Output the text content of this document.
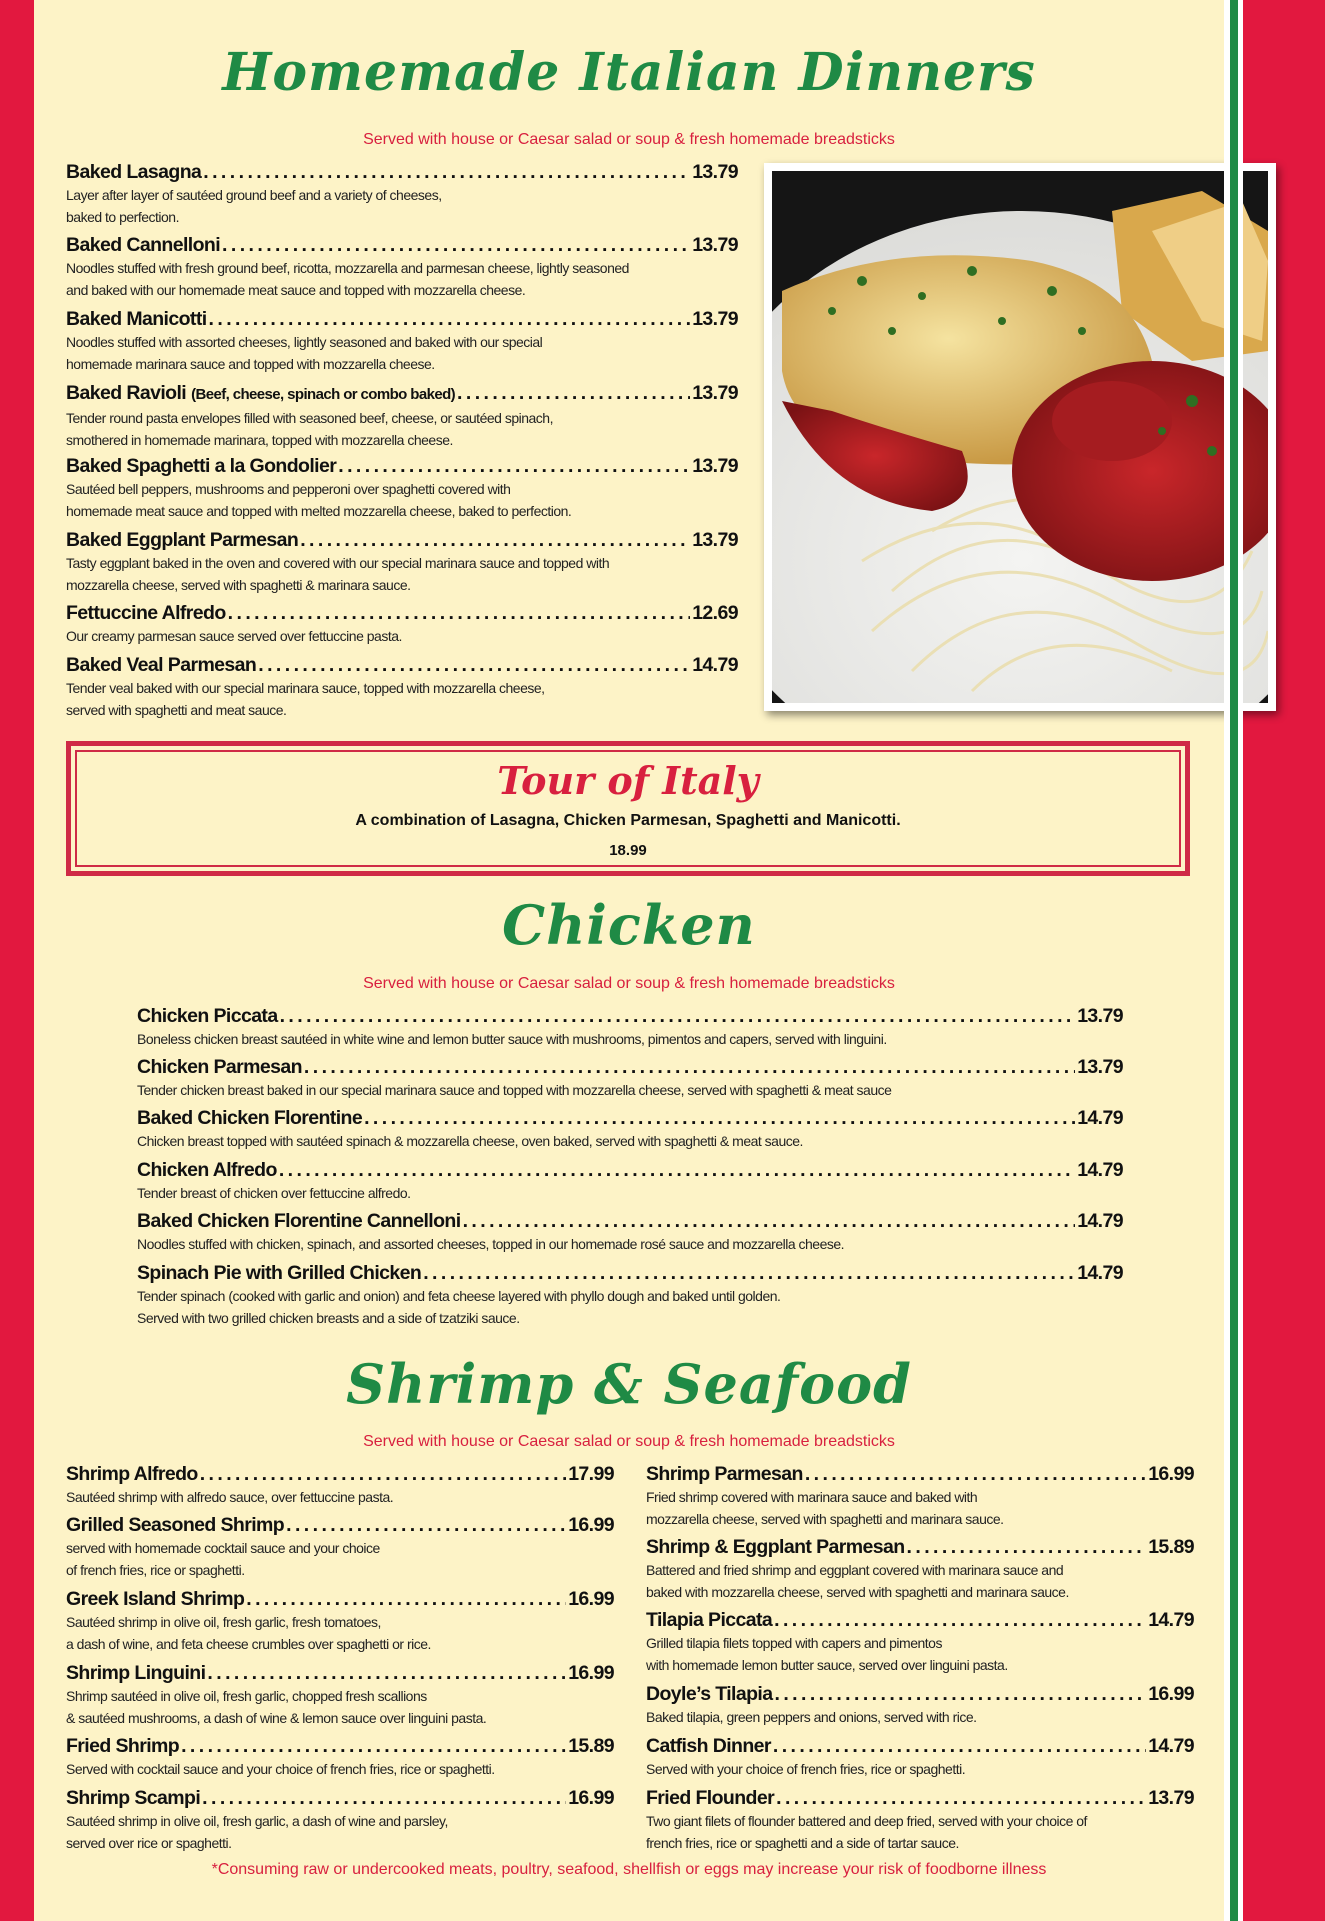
Homemade Italian Dinners

Served with house or Caesar salad or soup & fresh homemade breadsticks

Baked Lasagna . . .	13.79
Layer after layer of sautéed ground beef and a variety of cheeses,
baked to perfection.
Baked Cannelloni . . .	13.79
Noodles stuffed with fresh ground beef, ricotta, mozzarella and parmesan cheese, lightly seasoned
and baked with our homemade meat sauce and topped with mozzarella cheese.
Baked Manicotti . . .	13.79
Noodles stuffed with assorted cheeses, lightly seasoned and baked with our special
homemade marinara sauce and topped with mozzarella cheese.
Baked Ravioli (Beef, cheese, spinach or combo baked) . . .	13.79
Tender round pasta envelopes filled with seasoned beef, cheese, or sautéed spinach,
smothered in homemade marinara, topped with mozzarella cheese.
Baked Spaghetti a la Gondolier . . .	13.79
Sautéed bell peppers, mushrooms and pepperoni over spaghetti covered with
homemade meat sauce and topped with melted mozzarella cheese, baked to perfection.
Baked Eggplant Parmesan . . .	13.79
Tasty eggplant baked in the oven and covered with our special marinara sauce and topped with
mozzarella cheese, served with spaghetti & marinara sauce.
Fettuccine Alfredo . . .	12.69
Our creamy parmesan sauce served over fettuccine pasta.
Baked Veal Parmesan . . .	14.79
Tender veal baked with our special marinara sauce, topped with mozzarella cheese,
served with spaghetti and meat sauce.
Tour of Italy
A combination of Lasagna, Chicken Parmesan, Spaghetti and Manicotti.
18.99
Chicken

Served with house or Caesar salad or soup & fresh homemade breadsticks

Chicken Piccata . . .	13.79
Boneless chicken breast sautéed in white wine and lemon butter sauce with mushrooms, pimentos and capers, served with linguini.
Chicken Parmesan . . .	13.79
Tender chicken breast baked in our special marinara sauce and topped with mozzarella cheese, served with spaghetti & meat sauce
Baked Chicken Florentine . . .	14.79
Chicken breast topped with sautéed spinach & mozzarella cheese, oven baked, served with spaghetti & meat sauce.
Chicken Alfredo . . .	14.79
Tender breast of chicken over fettuccine alfredo.
Baked Chicken Florentine Cannelloni . . .	14.79
Noodles stuffed with chicken, spinach, and assorted cheeses, topped in our homemade rosé sauce and mozzarella cheese.
Spinach Pie with Grilled Chicken . . .	14.79
Tender spinach (cooked with garlic and onion) and feta cheese layered with phyllo dough and baked until golden.
Served with two grilled chicken breasts and a side of tzatziki sauce.
Shrimp & Seafood

Served with house or Caesar salad or soup & fresh homemade breadsticks

Shrimp Alfredo . . .	17.99
Sautéed shrimp with alfredo sauce, over fettuccine pasta.
Grilled Seasoned Shrimp . . .	16.99
served with homemade cocktail sauce and your choice
of french fries, rice or spaghetti.
Greek Island Shrimp . . .	16.99
Sautéed shrimp in olive oil, fresh garlic, fresh tomatoes,
a dash of wine, and feta cheese crumbles over spaghetti or rice.
Shrimp Linguini . . .	16.99
Shrimp sautéed in olive oil, fresh garlic, chopped fresh scallions
& sautéed mushrooms, a dash of wine & lemon sauce over linguini pasta.
Fried Shrimp . . .	15.89
Served with cocktail sauce and your choice of french fries, rice or spaghetti.
Shrimp Scampi . . .	16.99
Sautéed shrimp in olive oil, fresh garlic, a dash of wine and parsley,
served over rice or spaghetti.
Shrimp Parmesan . . .	16.99
Fried shrimp covered with marinara sauce and baked with
mozzarella cheese, served with spaghetti and marinara sauce.
Shrimp & Eggplant Parmesan . . .	15.89
Battered and fried shrimp and eggplant covered with marinara sauce and
baked with mozzarella cheese, served with spaghetti and marinara sauce.
Tilapia Piccata . . .	14.79
Grilled tilapia filets topped with capers and pimentos
with homemade lemon butter sauce, served over linguini pasta.
Doyle’s Tilapia . . .	16.99
Baked tilapia, green peppers and onions, served with rice.
Catfish Dinner . . .	14.79
Served with your choice of french fries, rice or spaghetti.
Fried Flounder . . .	13.79
Two giant filets of flounder battered and deep fried, served with your choice of
french fries, rice or spaghetti and a side of tartar sauce.
*Consuming raw or undercooked meats, poultry, seafood, shellfish or eggs may increase your risk of foodborne illness
